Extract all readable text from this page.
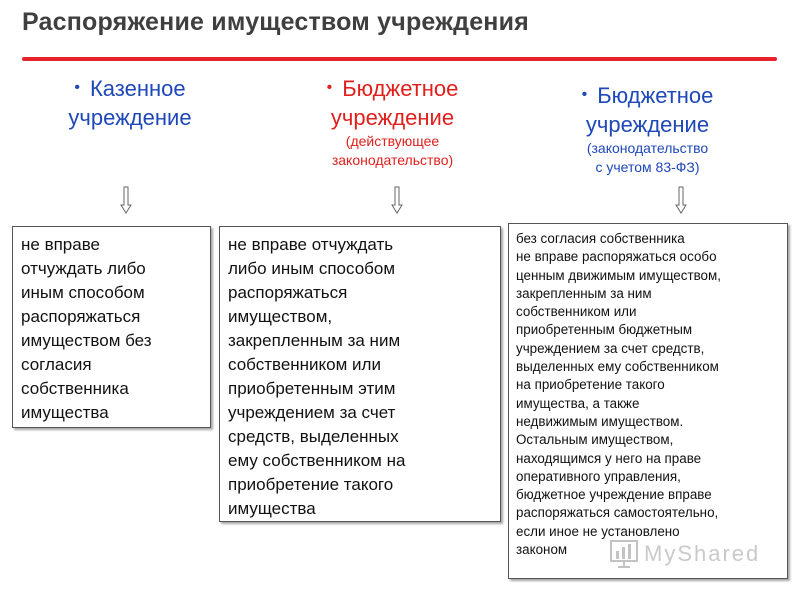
Распоряжение имуществом учреждения
• Казенное
учреждение
• Бюджетное
учреждение
(действующее
законодательство)
• Бюджетное
учреждение
(законодательство
с учетом 83-ФЗ)
не вправе
отчуждать либо
иным способом
распоряжаться
имуществом без
согласия
собственника
имущества
не вправе отчуждать
либо иным способом
распоряжаться
имуществом,
закрепленным за ним
собственником или
приобретенным этим
учреждением за счет
средств, выделенных
ему собственником на
приобретение такого
имущества
без согласия собственника
не вправе распоряжаться особо
ценным движимым имуществом,
закрепленным за ним
собственником или
приобретенным бюджетным
учреждением за счет средств,
выделенных ему собственником
на приобретение такого
имущества, а также
недвижимым имуществом.
Остальным имуществом,
находящимся у него на праве
оперативного управления,
бюджетное учреждение вправе
распоряжаться самостоятельно,
если иное не установлено
законом	MyShared
